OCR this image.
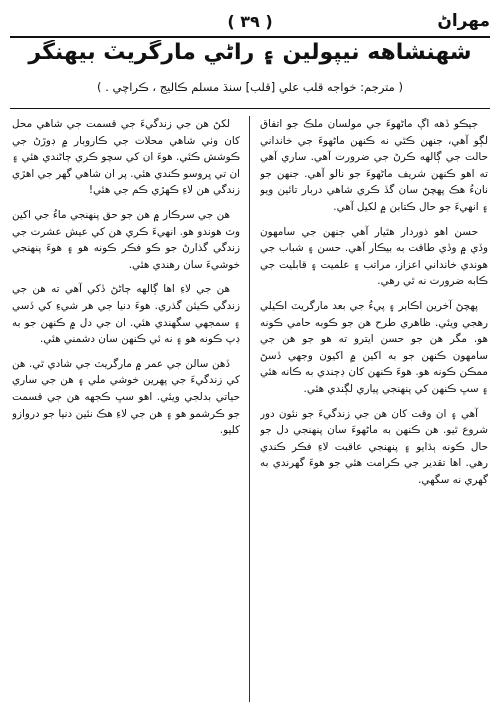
مهراڻ
( ۳۹ )
شهنشاهه نيپولين ۽ راڻي مارگريٽ بيهنگر
( مترجم: خواجه قلب علي [قلب] سنڌ مسلم ڪاليج ، ڪراچي . )

جيڪو ڏهه اڳ ماڻهوءَ جي مولسان ملڪ جو اتفاق لڳو آهي، جنهن ڪٿي نه ڪنهن ماڻهوءَ جي خانداني حالت جي ڳالهه ڪرڻ جي ضرورت آهي. ساري آهي ته اهو ڪنهن شريف ماڻهوءَ جو نالو آهي. جنهن جو نانءُ هڪ پهچڻ سان گڏ ڪري شاهي دربار تائين ويو ۽ انهيءَ جو حال ڪتابن ۾ لکيل آهي.

حسن اهو ذوردار هٿيار آهي جنهن جي سامهون وڏي ۾ وڏي طاقت به بيڪار آهي. حسن ۽ شباب جي هوندي خانداني اعزاز، مراتب ۽ علميت ۽ قابليت جي ڪابه ضرورت نه ٿي رهي.

پهچڻ آخرين اڪابر ۽ پيءُ جي بعد مارگريٽ اڪيلي رهجي ويئي. ظاهري طرح هن جو ڪوبه حامي ڪونه هو. مگر هن جو حسن ايترو ته هو جو هن جي سامهون ڪنهن جو به اکين ۾ اکيون وجهي ڏسڻ ممڪن ڪونه هو. هوءَ ڪنهن کان ڊڄندي به ڪانه هئي ۽ سڀ ڪنهن کي پنهنجي پياري لڳندي هئي.

آهي ۽ ان وقت کان هن جي زندگيءَ جو نئون دور شروع ٿيو. هن ڪنهن به ماڻهوءَ سان پنهنجي دل جو حال ڪونه ٻڌايو ۽ پنهنجي عاقبت لاءِ فڪر ڪندي رهي. اها تقدير جي ڪرامت هئي جو هوءَ گهرندي به گهري نه سگهي.

لکڻ هن جي زندگيءَ جي قسمت جي شاهي محل کان وٺي شاهي محلات جي ڪاروبار ۾ ڊوڙڻ جي ڪوشش ڪئي. هوءَ ان کي سچو ڪري ڄاڻندي هئي ۽ ان تي ڀروسو ڪندي هئي. پر ان شاهي گهر جي اهڙي زندگي هن لاءِ ڪهڙي ڪم جي هئي!

هن جي سرڪار ۾ هن جو حق پنهنجي ماءُ جي اکين وٽ هوندو هو. انهيءَ ڪري هن کي عيش عشرت جي زندگي گذارڻ جو ڪو فڪر ڪونه هو ۽ هوءَ پنهنجي خوشيءَ سان رهندي هئي.

هن جي لاءِ اها ڳالهه ڄاڻڻ ڏکي آهي ته هن جي زندگي ڪيئن گذري. هوءَ دنيا جي هر شيءِ کي ڏسي ۽ سمجهي سگهندي هئي. ان جي دل ۾ ڪنهن جو به ڊپ ڪونه هو ۽ نه ئي ڪنهن سان دشمني هئي.

ڏهن سالن جي عمر ۾ مارگريٽ جي شادي ٿي. هن کي زندگيءَ جي پهرين خوشي ملي ۽ هن جي ساري حياتي بدلجي ويئي. اهو سڀ ڪجهه هن جي قسمت جو ڪرشمو هو ۽ هن جي لاءِ هڪ نئين دنيا جو دروازو کليو.
